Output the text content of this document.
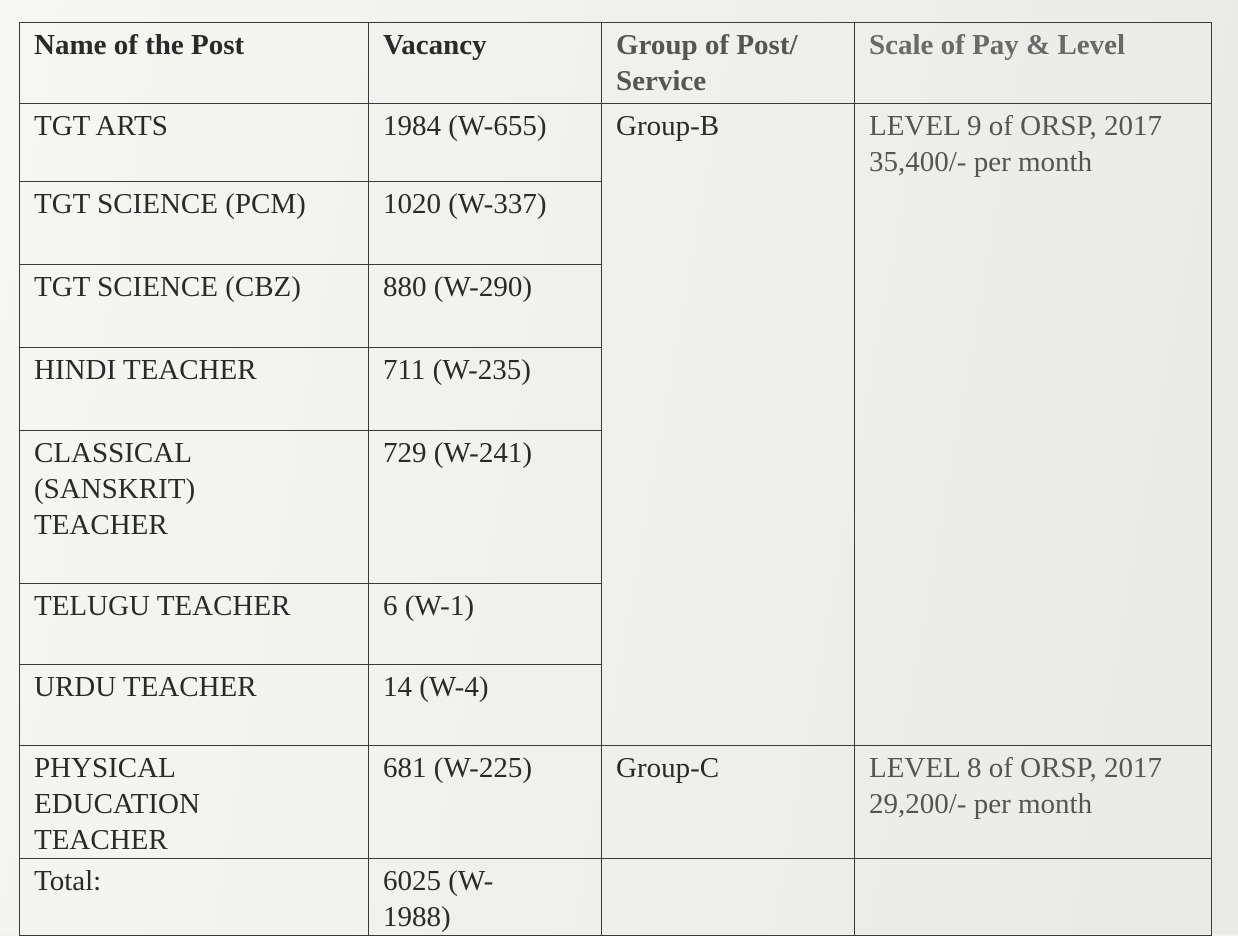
Name of the Post	Vacancy	Group of Post/ Service	Scale of Pay & Level
TGT ARTS	1984 (W-655)	Group-B	LEVEL 9 of ORSP, 2017
35,400/- per month

TGT SCIENCE (PCM)	1020 (W-337)		
TGT SCIENCE (CBZ)	880 (W-290)		
HINDI TEACHER	711 (W-235)		
CLASSICAL (SANSKRIT) TEACHER	729 (W-241)		
TELUGU TEACHER	6 (W-1)		
URDU TEACHER	14 (W-4)		
PHYSICAL EDUCATION TEACHER	681 (W-225)	Group-C	LEVEL 8 of ORSP, 2017
29,200/- per month

Total:	6025 (W-1988)		
